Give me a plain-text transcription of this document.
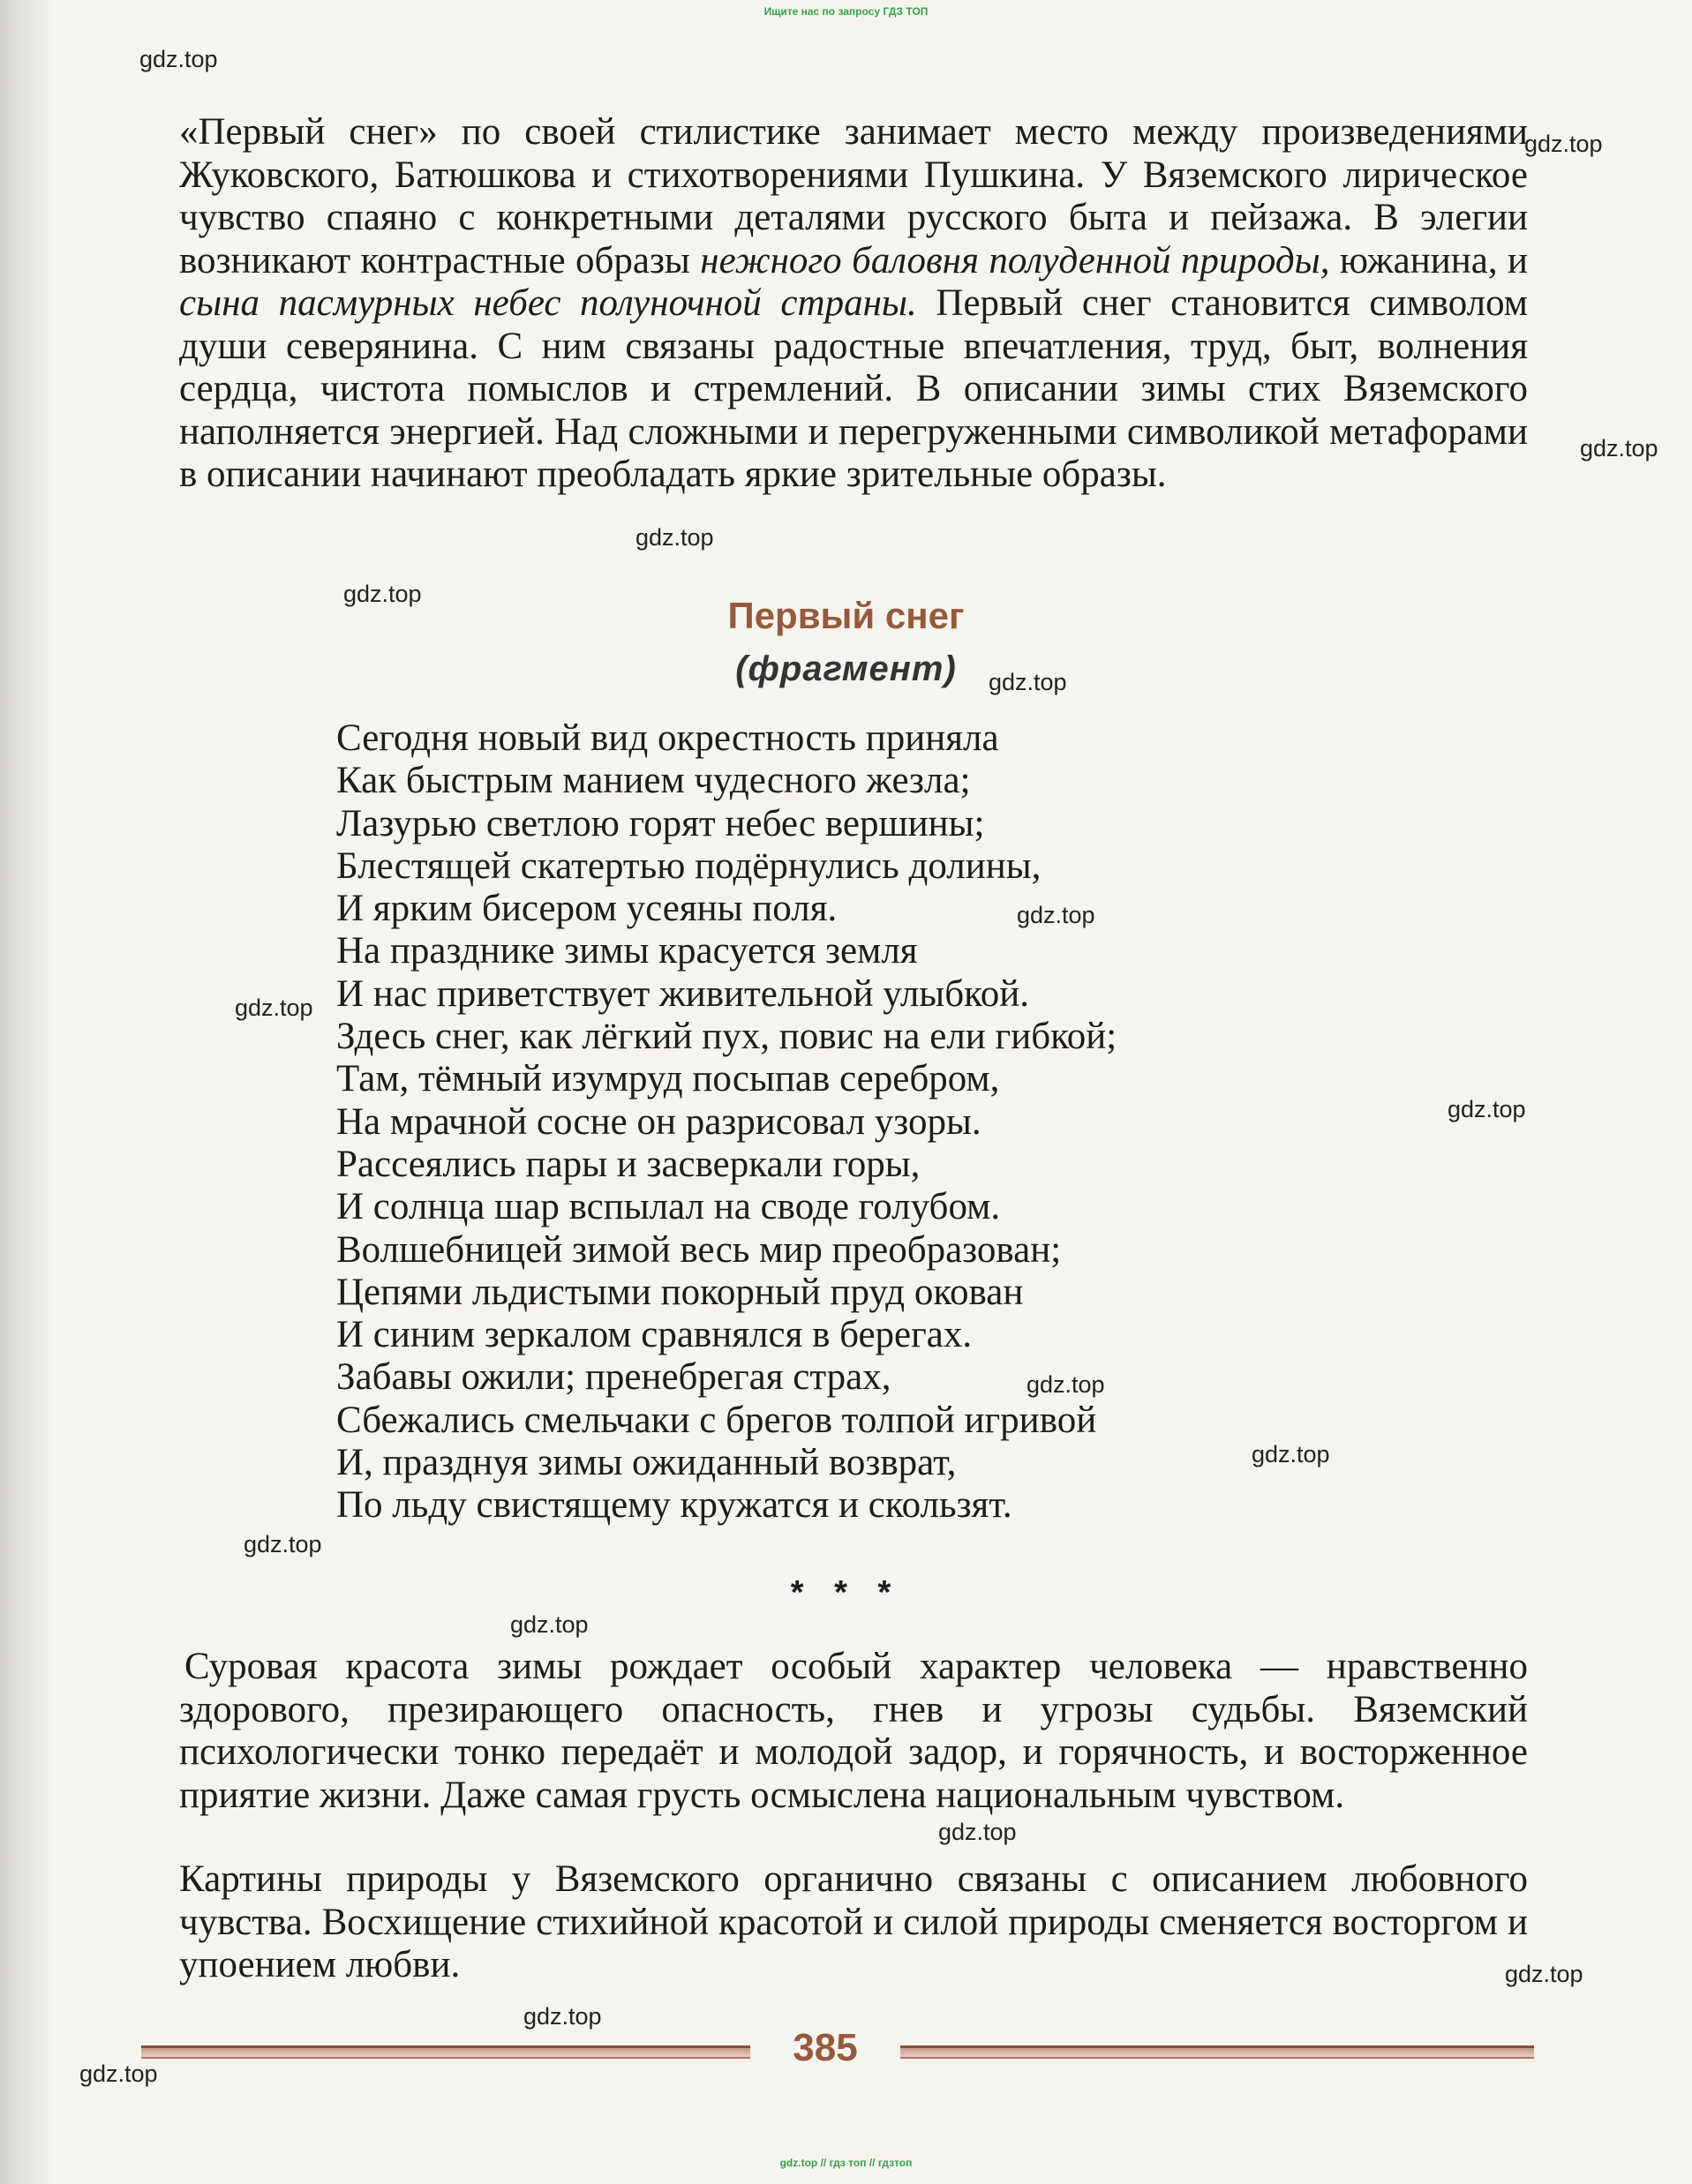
Ищите нас по запросу ГДЗ ТОП

«Первый снег» по своей стилистике занимает место между произведениями Жуковского, Батюшкова и стихотворениями Пушкина. У Вяземского лирическое чувство спаяно с конкретными деталями русского быта и пейзажа. В элегии возникают контрастные образы нежного баловня полуденной природы, южанина, и сына пасмурных небес полуночной страны. Первый снег становится символом души северянина. С ним связаны радостные впечатления, труд, быт, волнения сердца, чистота помыслов и стремлений. В описании зимы стих Вяземского наполняется энергией. Над сложными и перегруженными символикой метафорами в описании начинают преобладать яркие зрительные образы.

Первый снег
(фрагмент)
Сегодня новый вид окрестность приняла
Как быстрым манием чудесного жезла;
Лазурью светлою горят небес вершины;
Блестящей скатертью подёрнулись долины,
И ярким бисером усеяны поля.
На празднике зимы красуется земля
И нас приветствует живительной улыбкой.
Здесь снег, как лёгкий пух, повис на ели гибкой;
Там, тёмный изумруд посыпав серебром,
На мрачной сосне он разрисовал узоры.
Рассеялись пары и засверкали горы,
И солнца шар вспылал на своде голубом.
Волшебницей зимой весь мир преобразован;
Цепями льдистыми покорный пруд окован
И синим зеркалом сравнялся в берегах.
Забавы ожили; пренебрегая страх,
Сбежались смельчаки с брегов толпой игривой
И, празднуя зимы ожиданный возврат,
По льду свистящему кружатся и скользят.
* * *

Суровая красота зимы рождает особый характер человека — нравственно здорового, презирающего опасность, гнев и угрозы судьбы. Вяземский психологически тонко передаёт и молодой задор, и горячность, и восторженное приятие жизни. Даже самая грусть осмыслена национальным чувством.

Картины природы у Вяземского органично связаны с описанием любовного чувства. Восхищение стихийной красотой и силой природы сменяется восторгом и упоением любви.

385
gdz.top
gdz.top
gdz.top
gdz.top
gdz.top
gdz.top
gdz.top
gdz.top
gdz.top
gdz.top
gdz.top
gdz.top
gdz.top
gdz.top
gdz.top
gdz.top
gdz.top
gdz.top // гдз топ // гдзтоп
